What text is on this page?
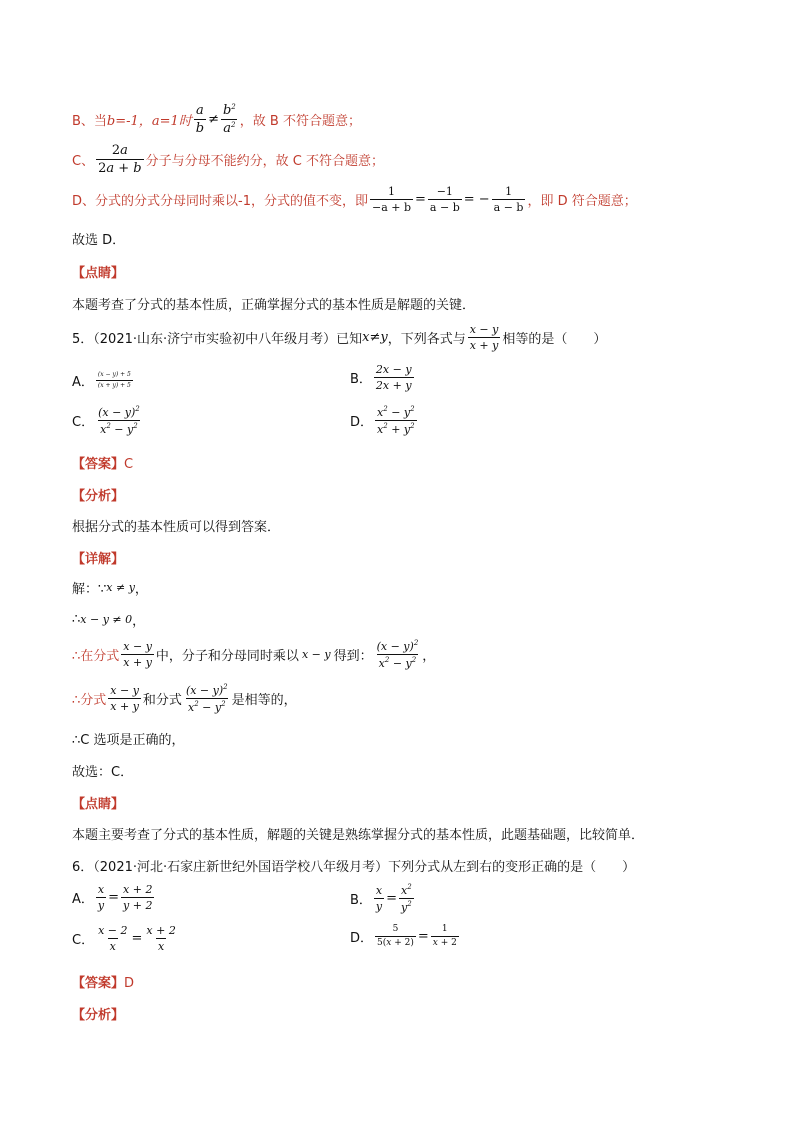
B、当 b=-1， a=1时 $\frac{a}{b} \ne \frac{b^2}{a^2}$ ，故 B 不符合题意；
C、 $\frac{2a}{2a + b}$ 分子与分母不能约分，故 C 不符合题意；
D、分式的分式分母同时乘以-1，分式的值不变，即 $\frac{1}{-a + b} = \frac{-1}{a - b}$ = − $\frac{1}{a - b}$ ，即 D 符合题意；
故选 D．
【点睛】
本题考查了分式的基本性质，正确掌握分式的基本性质是解题的关键．
5．（2021·山东·济宁市实验初中八年级月考）已知 x≠y ，下列各式与 $\frac{x - y}{x + y}$ 相等的是（　　）
A． $\frac{(x - y) + 5}{(x + y) + 5}$	B． $\frac{2x - y}{2x + y}$
C． $\frac{(x - y)^2}{x^2 - y^2}$	D． $\frac{x^2 - y^2}{x^2 + y^2}$
【答案】C
【分析】
根据分式的基本性质可以得到答案．
【详解】
解：∵ x ≠ y ，
∴ x − y ≠ 0 ，
∴在分式 $\frac{x - y}{x + y}$ 中，分子和分母同时乘以 x − y 得到： $\frac{(x - y)^2}{x^2 - y^2}$ ，
∴分式 $\frac{x - y}{x + y}$ 和分式 $\frac{(x - y)^2}{x^2 - y^2}$ 是相等的，
∴C 选项是正确的，
故选：C．
【点睛】
本题主要考查了分式的基本性质，解题的关键是熟练掌握分式的基本性质，此题基础题，比较简单．
6．（2021·河北·石家庄新世纪外国语学校八年级月考）下列分式从左到右的变形正确的是（　　）
A． $\frac{x}{y} = \frac{x + 2}{y + 2}$	B． $\frac{x}{y} = \frac{x^2}{y^2}$
C． $\frac{x - 2}{x} = \frac{x + 2}{x}$	D． $\frac{5}{5(x + 2)} = \frac{1}{x + 2}$
【答案】D
【分析】
